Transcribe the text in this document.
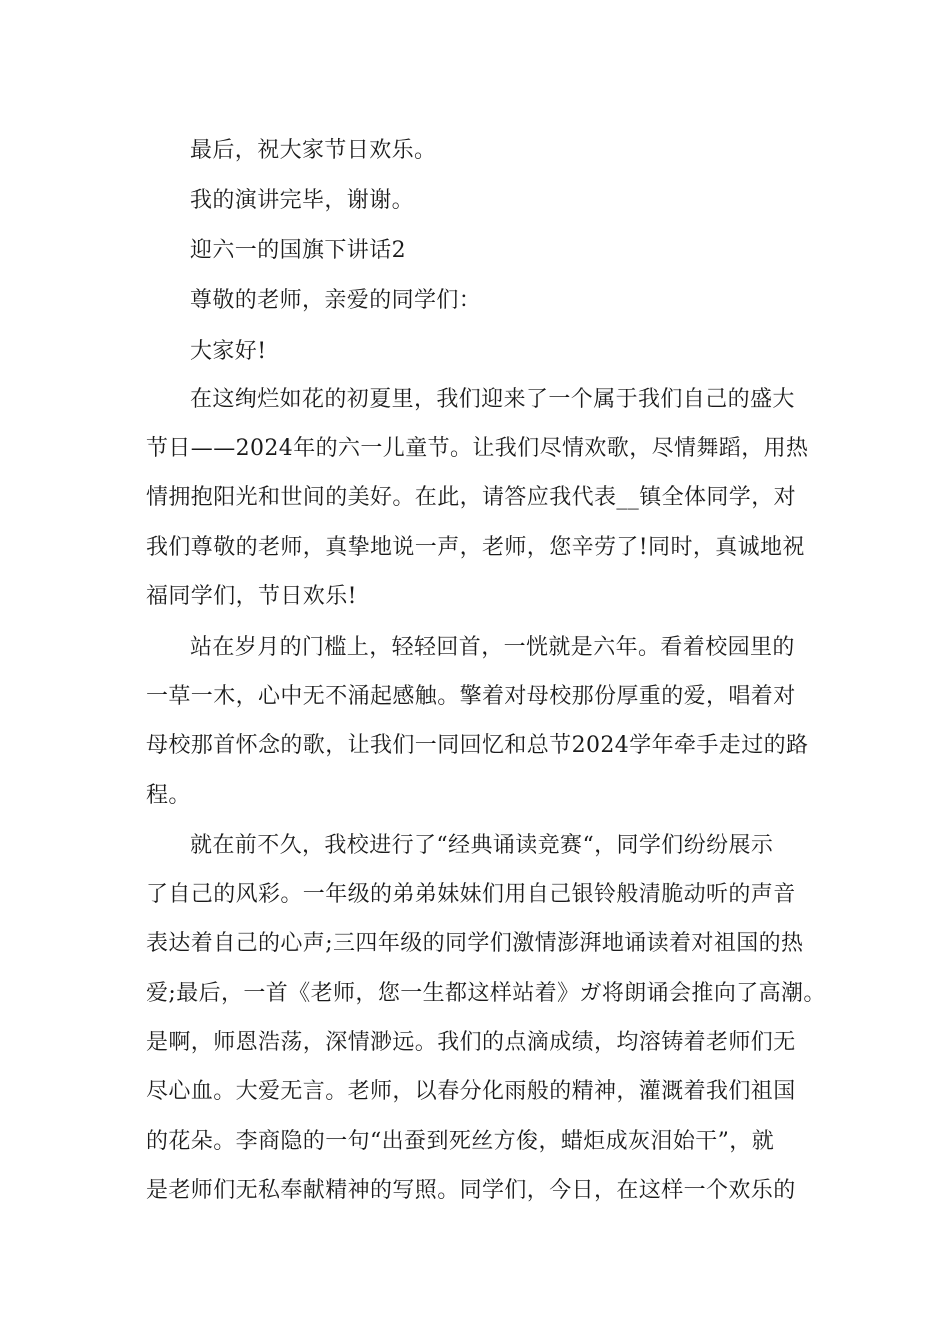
最后，祝大家节日欢乐。
我的演讲完毕，谢谢。
迎六一的国旗下讲话2
尊敬的老师，亲爱的同学们：
大家好!
在这绚烂如花的初夏里，我们迎来了一个属于我们自己的盛大
节日——2024年的六一儿童节。让我们尽情欢歌，尽情舞蹈，用热
情拥抱阳光和世间的美好。在此，请答应我代表__镇全体同学，对
我们尊敬的老师，真挚地说一声，老师，您辛劳了!同时，真诚地祝
福同学们，节日欢乐!
站在岁月的门槛上，轻轻回首，一恍就是六年。看着校园里的
一草一木，心中无不涌起感触。擎着对母校那份厚重的爱，唱着对
母校那首怀念的歌，让我们一同回忆和总节2024学年牵手走过的路
程。
就在前不久，我校进行了“经典诵读竞赛“，同学们纷纷展示
了自己的风彩。一年级的弟弟妹妹们用自己银铃般清脆动听的声音
表达着自己的心声;三四年级的同学们激情澎湃地诵读着对祖国的热
爱;最后，一首《老师，您一生都这样站着》ガ将朗诵会推向了高潮。
是啊，师恩浩荡，深情渺远。我们的点滴成绩，均溶铸着老师们无
尽心血。大爱无言。老师，以春分化雨般的精神，灌溉着我们祖国
的花朵。李商隐的一句“出蚕到死丝方俊，蜡炬成灰泪始干”，就
是老师们无私奉献精神的写照。同学们，今日，在这样一个欢乐的
